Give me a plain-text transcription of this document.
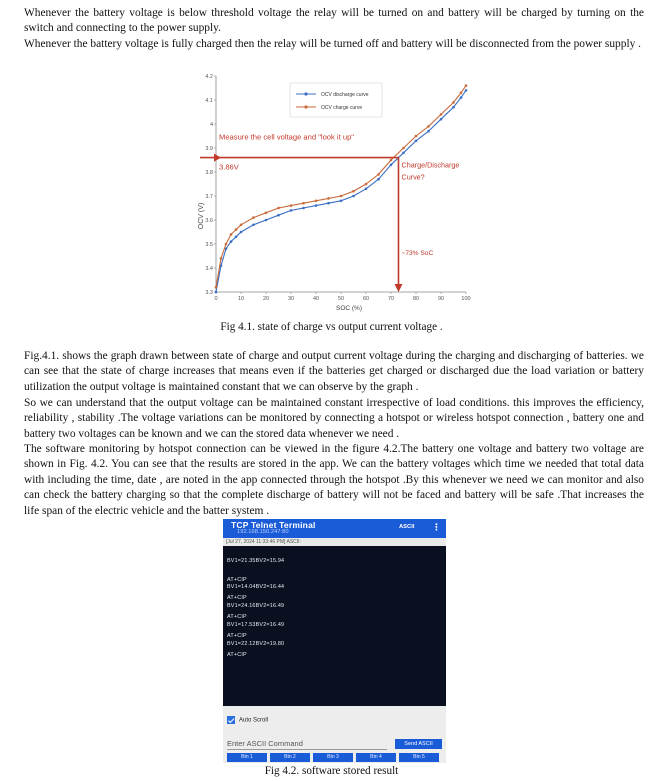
Whenever the battery voltage is below threshold voltage the relay will be turned on and battery will be charged by turning on the switch and connecting to the power supply.

Whenever the battery voltage is fully charged then the relay will be turned off and battery will be disconnected from the power supply .

3.3
3.4
3.5
3.6
3.7
3.8
3.9
4
4.1
4.2
0	10	20	30	40	50	60	70	80	90	100
Measure the cell voltage and "look it up"
3.86V	Charge/Discharge
Curve?
~73% SoC
OCV discharge curve
OCV charge curve
OCV (V)
SOC (%)
Fig 4.1. state of charge vs output current voltage .

Fig.4.1. shows the graph drawn between state of charge and output current voltage during the charging and discharging of batteries. we can see that the state of charge increases that means even if the batteries get charged or discharged due the load variation or battery utilization the output voltage is maintained constant that we can observe by the graph .

So we can understand that the output voltage can be maintained constant irrespective of load conditions. this improves the efficiency, reliability , stability .The voltage variations can be monitored by connecting a hotspot or wireless hotspot connection , battery one and battery two voltages can be known and we can the stored data whenever we need .

The software monitoring by hotspot connection can be viewed in the figure 4.2.The battery one voltage and battery two voltage are shown in Fig. 4.2. You can see that the results are stored in the app. We can the battery voltages which time we needed that total data with including the time, date , are noted in the app connected through the hotspot .By this whenever we need we can monitor and also can check the battery charging so that the complete discharge of battery will not be faced and battery will be safe .That increases the life span of the electric vehicle and the batter system .

TCP Telnet Terminal
192.168.150.247:80
ASCII ⋮
[Jul 27, 2024 11:33:46 PM] ASCII:
BV1=21.35BV2=15.94
AT+CIP
BV1=14.04BV2=16.44
AT+CIP
BV1=24.16BV2=16.49
AT+CIP
BV1=17.53BV2=16.49
AT+CIP
BV1=22.12BV2=19.80
AT+CIP
Auto Scroll
Enter ASCII Command	Send ASCII
Btn 1	Btn 2	Btn 3	Btn 4	Btn 5
Fig 4.2. software stored result
